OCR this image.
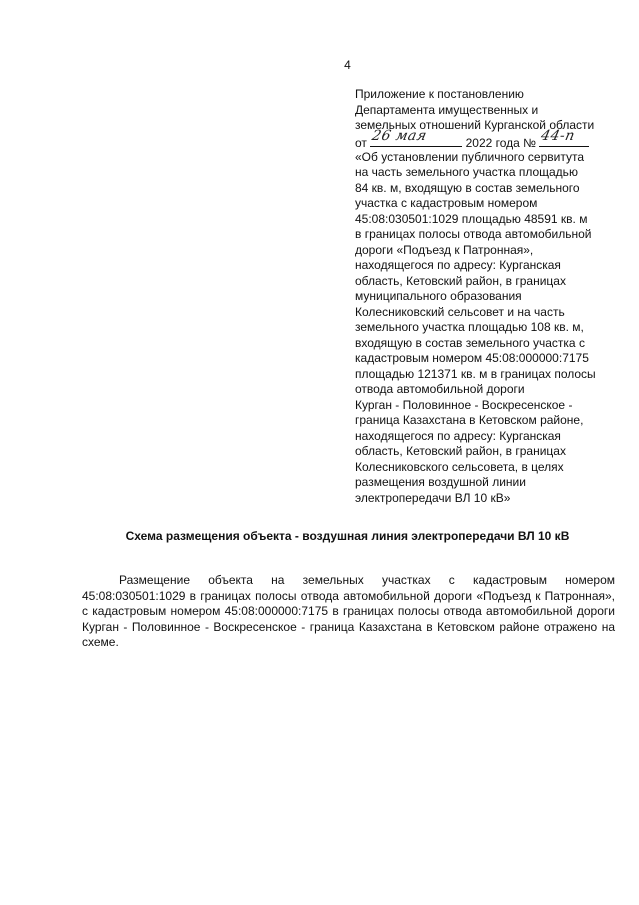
4
Приложение к постановлению
Департамента имущественных и
земельных отношений Курганской области
от 26 мая	2022 года № 44-п
«Об установлении публичного сервитута
на часть земельного участка площадью
84 кв. м, входящую в состав земельного
участка с кадастровым номером
45:08:030501:1029 площадью 48591 кв. м
в границах полосы отвода автомобильной
дороги «Подъезд к Патронная»,
находящегося по адресу: Курганская
область, Кетовский район, в границах
муниципального образования
Колесниковский сельсовет и на часть
земельного участка площадью 108 кв. м,
входящую в состав земельного участка с
кадастровым номером 45:08:000000:7175
площадью 121371 кв. м в границах полосы
отвода автомобильной дороги
Курган - Половинное - Воскресенское -
граница Казахстана в Кетовском районе,
находящегося по адресу: Курганская
область, Кетовский район, в границах
Колесниковского сельсовета, в целях
размещения воздушной линии
электропередачи ВЛ 10 кВ»
Схема размещения объекта - воздушная линия электропередачи ВЛ 10 кВ
Размещение объекта на земельных участках с кадастровым номером 45:08:030501:1029 в границах полосы отвода автомобильной дороги «Подъезд к Патронная», с кадастровым номером 45:08:000000:7175 в границах полосы отвода автомобильной дороги Курган - Половинное - Воскресенское - граница Казахстана в Кетовском районе отражено на схеме.
